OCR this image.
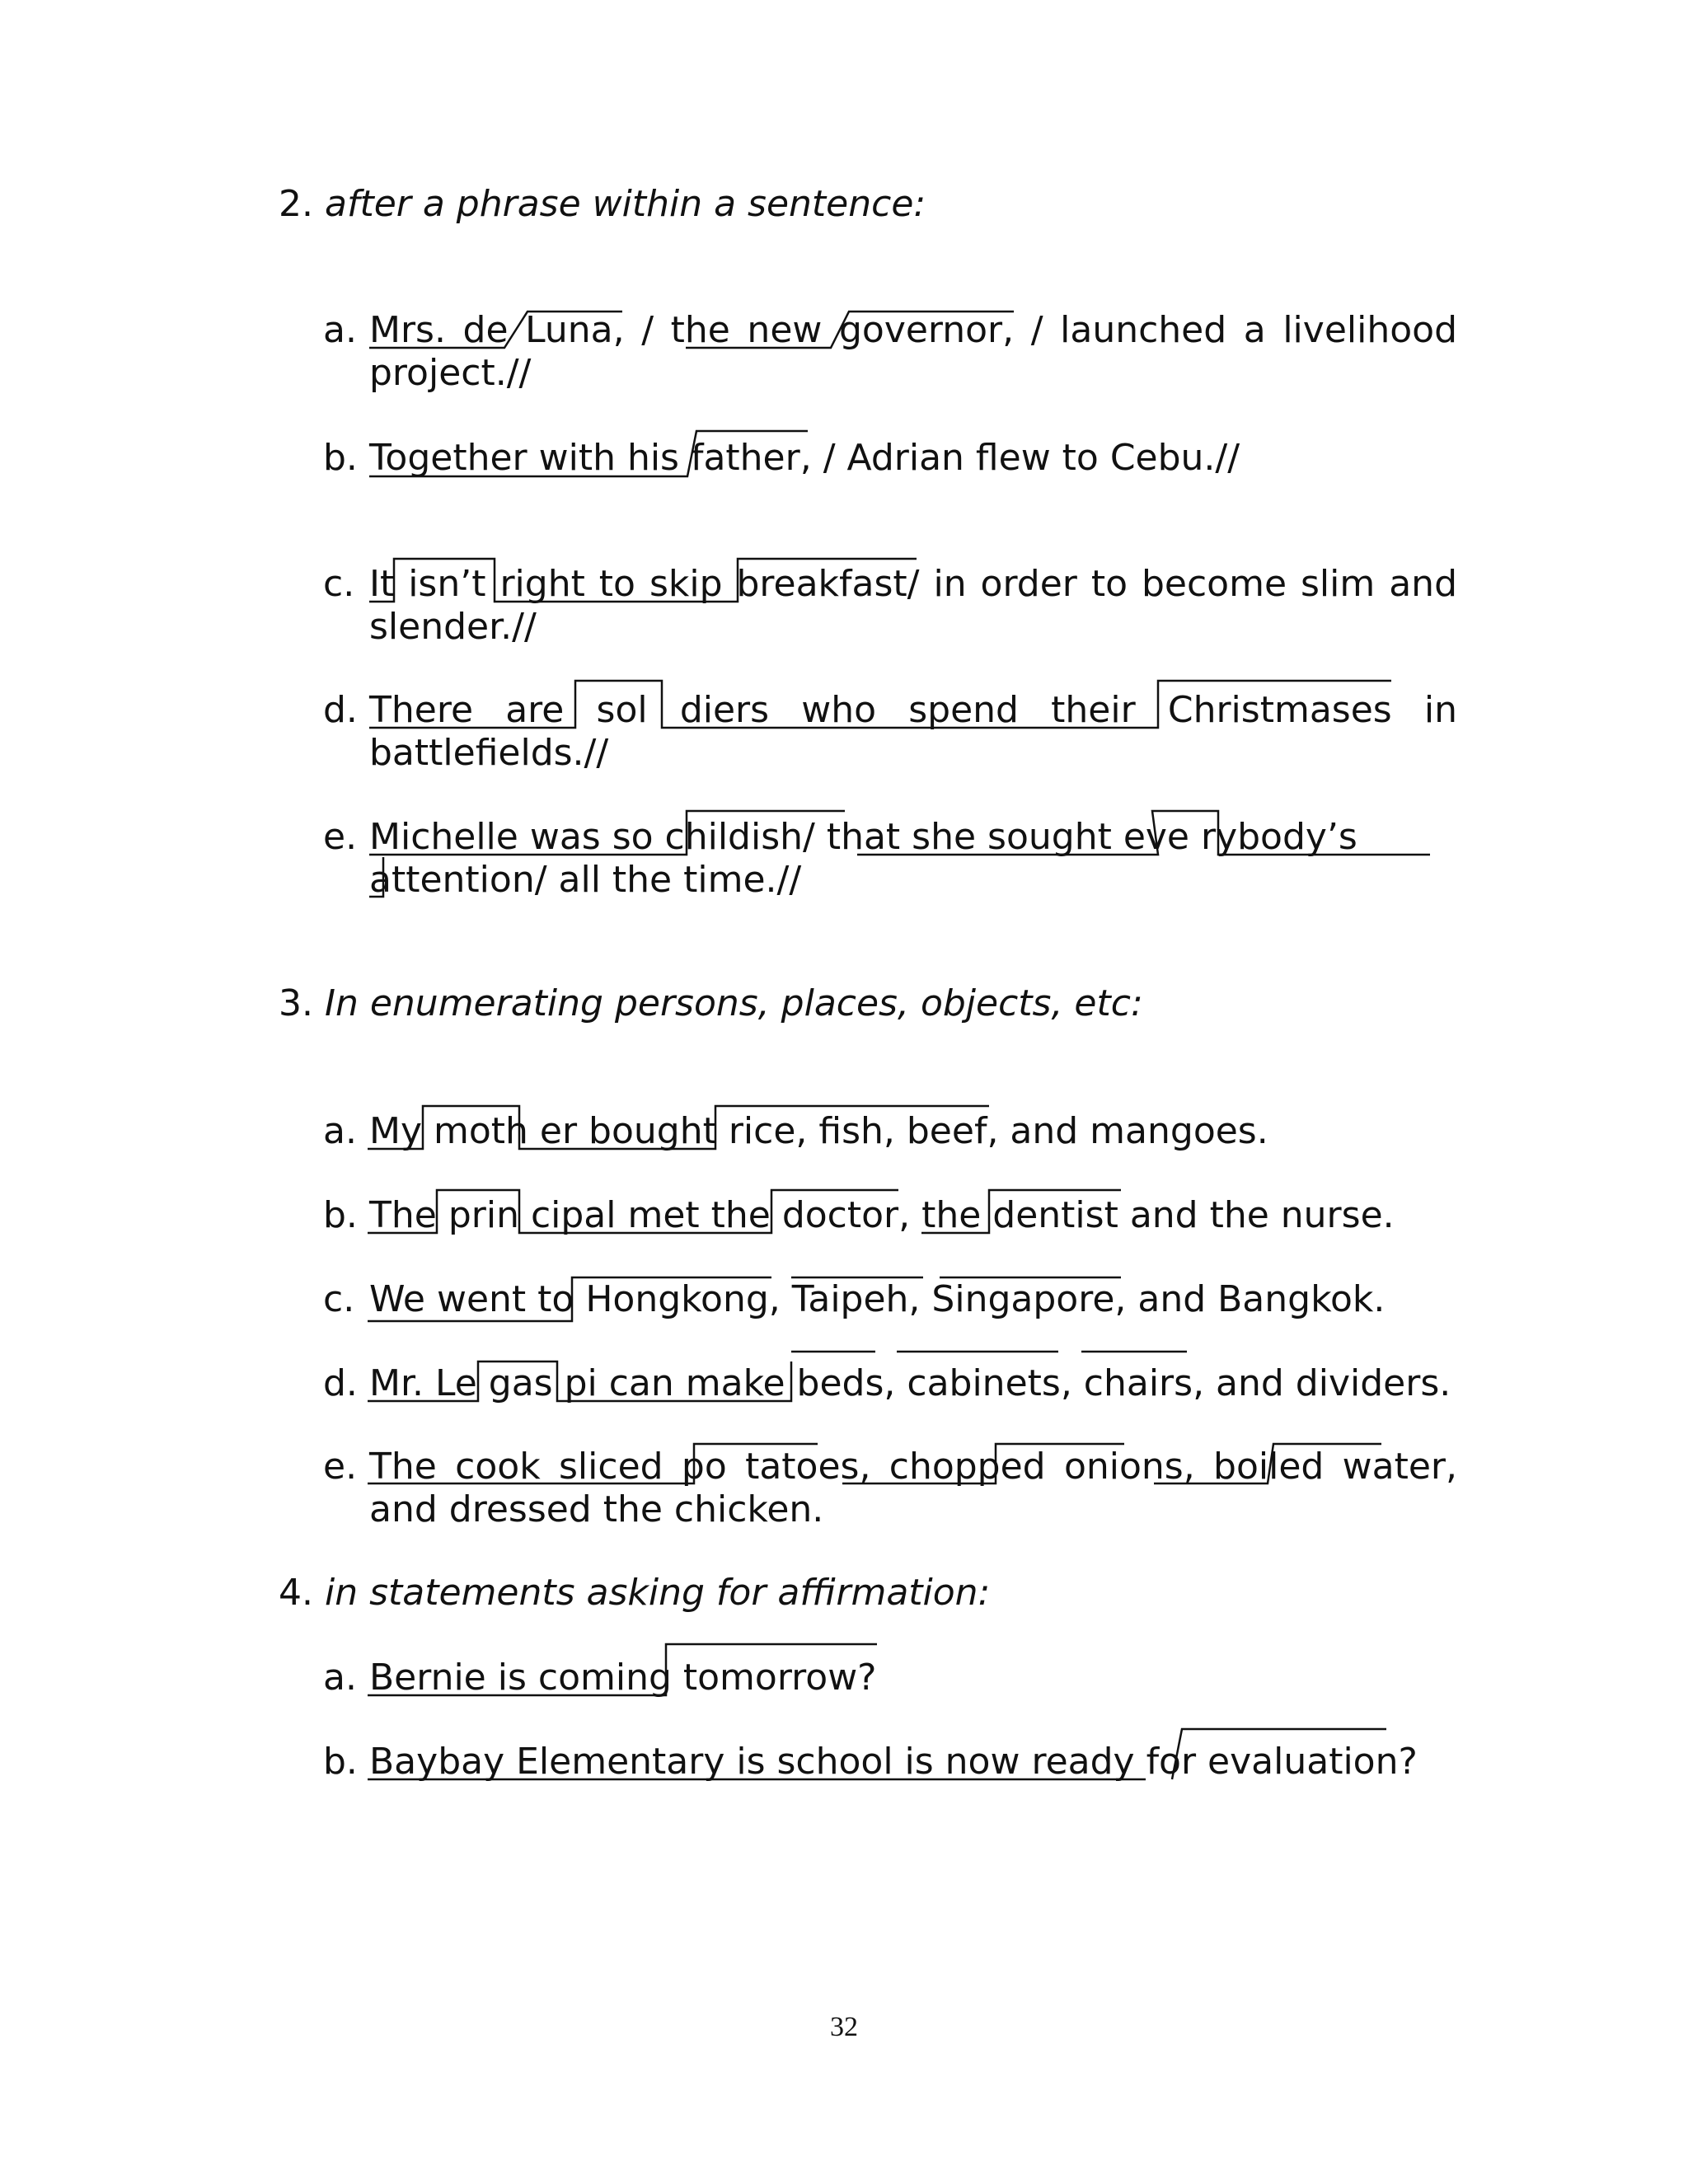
2. after a phrase within a sentence:
a. Mrs. de Luna, / the new governor, / launched a livelihood project.//
b. Together with his father, / Adrian flew to Cebu.//
c. It isn’t right to skip breakfast/ in order to become slim and slender.//
d. There are sol diers who spend their Christmases in battlefields.//
e. Michelle was so childish/ that she sought eve rybody’s attention/ all the time.//
3. In enumerating persons, places, objects, etc:
a. My moth er bought rice, fish, beef, and mangoes.
b. The prin cipal met the doctor, the dentist and the nurse.
c. We went to Hongkong, Taipeh, Singapore, and Bangkok.
d. Mr. Le gas pi can make beds, cabinets, chairs, and dividers.
e. The cook sliced po tatoes, chopped onions, boiled water, and dressed the chicken.
4. in statements asking for affirmation:
a. Bernie is coming tomorrow?
b. Baybay Elementary is school is now ready for evaluation?
32
